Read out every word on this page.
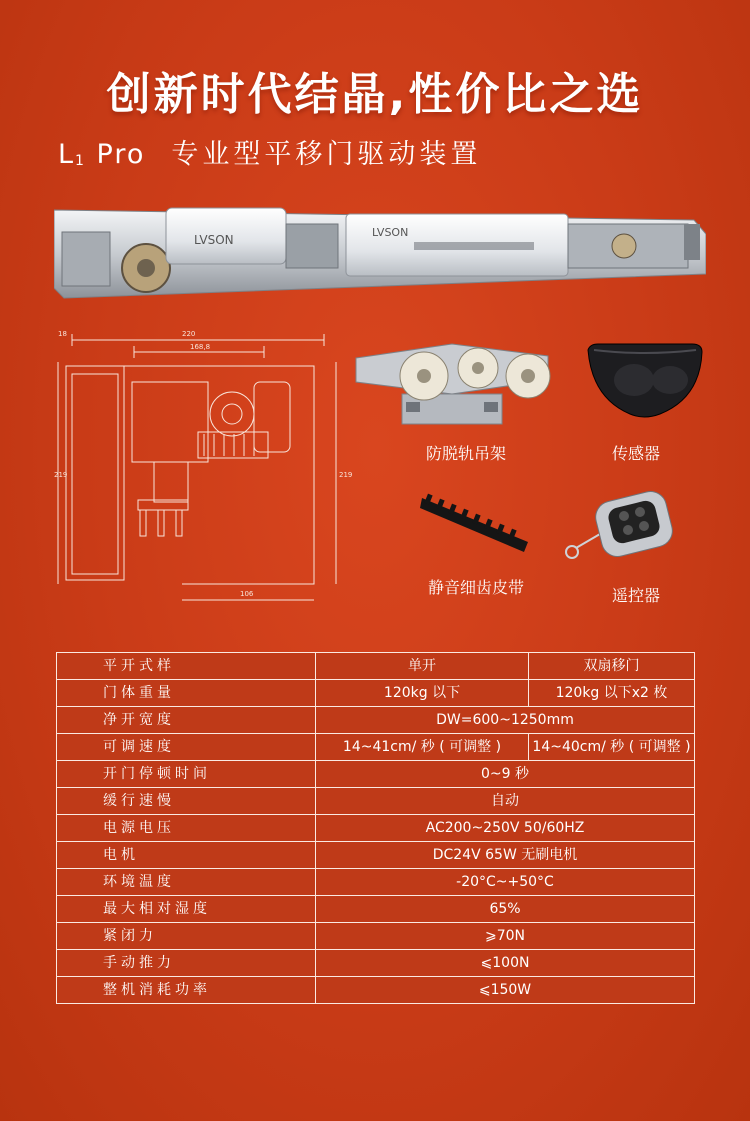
创新时代结晶,性价比之选
$L_1$ Pro 专业型平移门驱动装置
LVSON
LVSON
220
168,8
18
219	219
106
防脱轨吊架	传感器
静音细齿皮带	遥控器
平开式样	单开	双扇移门
门体重量	120kg 以下	120kg 以下x2 枚
净开宽度	DW=600~1250mm	
可调速度	14~41cm/ 秒 ( 可调整 )	14~40cm/ 秒 ( 可调整 )
开门停顿时间	0~9 秒	
缓行速慢	自动	
电源电压	AC200~250V 50/60HZ	
电机	DC24V 65W 无刷电机	
环境温度	-20°C~+50°C	
最大相对湿度	65%	
紧闭力	⩾70N	
手动推力	⩽100N	
整机消耗功率	⩽150W	
